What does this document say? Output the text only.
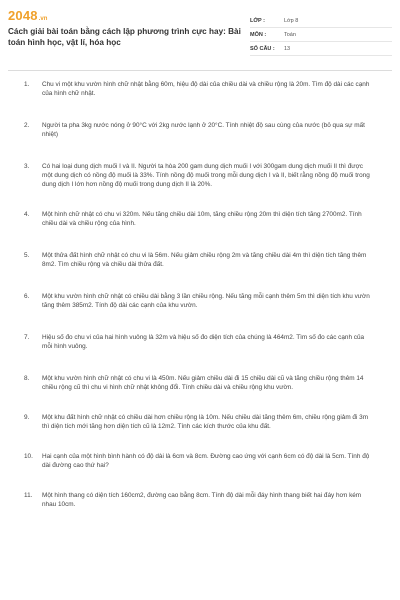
2048 .vn
Cách giải bài toán bằng cách lập phương trình cực hay: Bài toán hình học, vật lí, hóa học
LỚP :	Lớp 8
MÔN :	Toán
SỐ CÂU :	13
1.	Chu vi một khu vườn hình chữ nhật bằng 60m, hiệu độ dài của chiều dài và chiều rộng là 20m. Tìm độ dài các cạnh của hình chữ nhật.
2.	Người ta pha 3kg nước nóng ở 90°C với 2kg nước lạnh ở 20°C. Tính nhiệt độ sau cùng của nước (bỏ qua sự mất nhiệt)
3.	Có hai loại dung dịch muối I và II. Người ta hòa 200 gam dung dịch muối I với 300gam dung dịch muối II thì được một dung dịch có nồng độ muối là 33%. Tính nồng độ muối trong mỗi dung dịch I và II, biết rằng nồng độ muối trong dung dịch I lớn hơn nồng độ muối trong dung dịch II là 20%.
4.	Một hình chữ nhật có chu vi 320m. Nếu tăng chiều dài 10m, tăng chiều rộng 20m thì diện tích tăng 2700m2. Tính chiều dài và chiều rộng của hình.
5.	Một thửa đất hình chữ nhật có chu vi là 56m. Nếu giảm chiều rộng 2m và tăng chiều dài 4m thì diện tích tăng thêm 8m2. Tìm chiều rộng và chiều dài thửa đất.
6.	Một khu vườn hình chữ nhật có chiều dài bằng 3 lần chiều rộng. Nếu tăng mỗi cạnh thêm 5m thì diện tích khu vườn tăng thêm 385m2. Tính độ dài các cạnh của khu vườn.
7.	Hiệu số đo chu vi của hai hình vuông là 32m và hiệu số đo diện tích của chúng là 464m2. Tìm số đo các cạnh của mỗi hình vuông.
8.	Một khu vườn hình chữ nhật có chu vi là 450m. Nếu giảm chiều dài đi 15 chiều dài cũ và tăng chiều rộng thêm 14 chiều rộng cũ thì chu vi hình chữ nhật không đổi. Tính chiều dài và chiều rộng khu vườn.
9.	Một khu đất hình chữ nhật có chiều dài hơn chiều rộng là 10m. Nếu chiều dài tăng thêm 6m, chiều rộng giảm đi 3m thì diện tích mới tăng hơn diện tích cũ là 12m2. Tính các kích thước của khu đất.
10.	Hai cạnh của một hình bình hành có độ dài là 6cm và 8cm. Đường cao ứng với cạnh 6cm có độ dài là 5cm. Tính độ dài đường cao thứ hai?
11.	Một hình thang có diện tích 160cm2, đường cao bằng 8cm. Tính độ dài mỗi đáy hình thang biết hai đáy hơn kém nhau 10cm.
